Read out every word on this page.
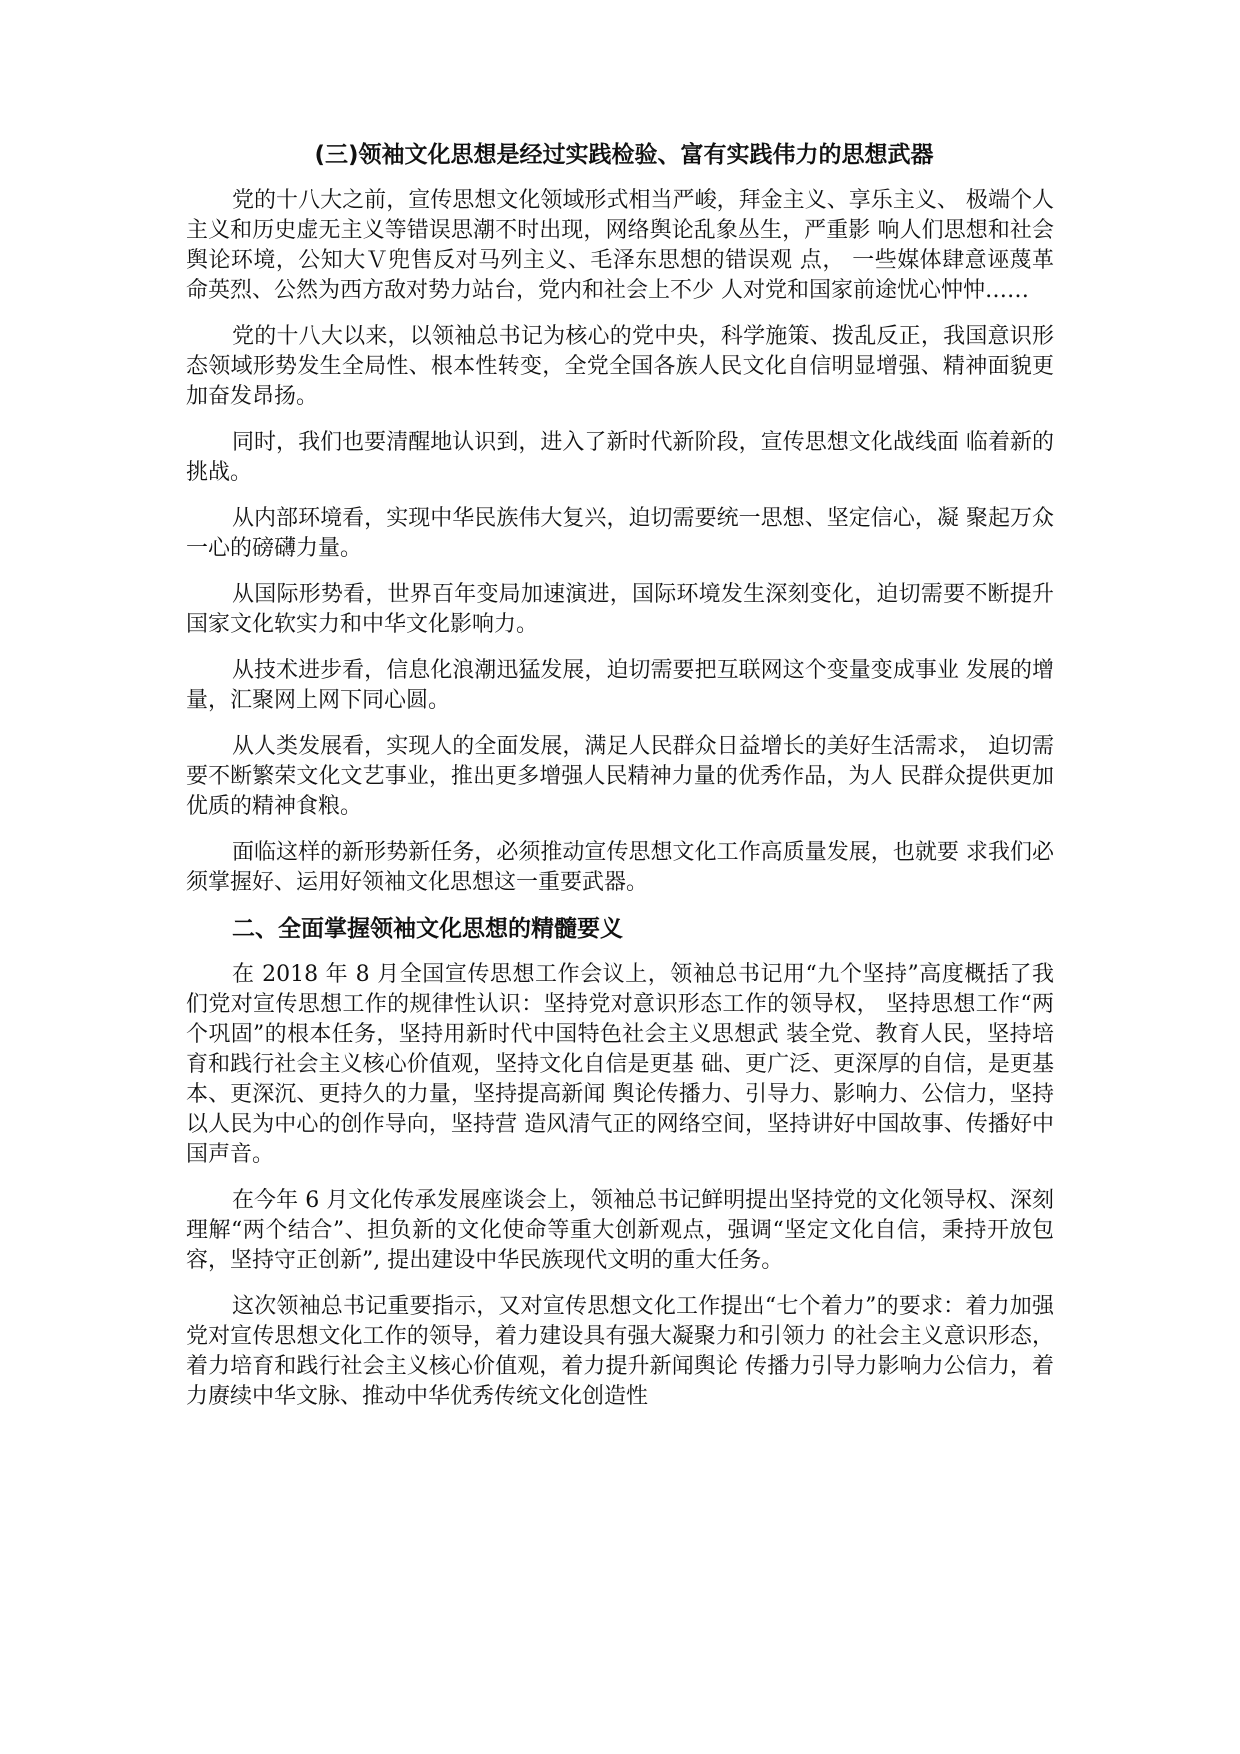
(三)领袖文化思想是经过实践检验、富有实践伟力的思想武器

党的十八大之前，宣传思想文化领域形式相当严峻，拜金主义、享乐主义、 极端个人主义和历史虚无主义等错误思潮不时出现，网络舆论乱象丛生，严重影 响人们思想和社会舆论环境，公知大Ｖ兜售反对马列主义、毛泽东思想的错误观 点， 一些媒体肆意诬蔑革命英烈、公然为西方敌对势力站台，党内和社会上不少 人对党和国家前途忧心忡忡……

党的十八大以来，以领袖总书记为核心的党中央，科学施策、拨乱反正，我国意识形态领域形势发生全局性、根本性转变，全党全国各族人民文化自信明显增强、精神面貌更加奋发昂扬。

同时，我们也要清醒地认识到，进入了新时代新阶段，宣传思想文化战线面 临着新的挑战。

从内部环境看，实现中华民族伟大复兴，迫切需要统一思想、坚定信心，凝 聚起万众一心的磅礴力量。

从国际形势看，世界百年变局加速演进，国际环境发生深刻变化，迫切需要不断提升国家文化软实力和中华文化影响力。

从技术进步看，信息化浪潮迅猛发展，迫切需要把互联网这个变量变成事业 发展的增量，汇聚网上网下同心圆。

从人类发展看，实现人的全面发展，满足人民群众日益增长的美好生活需求， 迫切需要不断繁荣文化文艺事业，推出更多增强人民精神力量的优秀作品，为人 民群众提供更加优质的精神食粮。

面临这样的新形势新任务，必须推动宣传思想文化工作高质量发展，也就要 求我们必须掌握好、运用好领袖文化思想这一重要武器。

二、全面掌握领袖文化思想的精髓要义

在 2018 年 8 月全国宣传思想工作会议上，领袖总书记用“九个坚持”高度概括了我们党对宣传思想工作的规律性认识：坚持党对意识形态工作的领导权， 坚持思想工作“两个巩固”的根本任务，坚持用新时代中国特色社会主义思想武 装全党、教育人民，坚持培育和践行社会主义核心价值观，坚持文化自信是更基 础、更广泛、更深厚的自信，是更基本、更深沉、更持久的力量，坚持提高新闻 舆论传播力、引导力、影响力、公信力，坚持以人民为中心的创作导向，坚持营 造风清气正的网络空间，坚持讲好中国故事、传播好中国声音。

在今年 6 月文化传承发展座谈会上，领袖总书记鲜明提出坚持党的文化领导权、深刻理解“两个结合”、担负新的文化使命等重大创新观点，强调“坚定文化自信，秉持开放包容，坚持守正创新”, 提出建设中华民族现代文明的重大任务。

这次领袖总书记重要指示，又对宣传思想文化工作提出“七个着力”的要求：着力加强党对宣传思想文化工作的领导，着力建设具有强大凝聚力和引领力 的社会主义意识形态，着力培育和践行社会主义核心价值观，着力提升新闻舆论 传播力引导力影响力公信力，着力赓续中华文脉、推动中华优秀传统文化创造性
